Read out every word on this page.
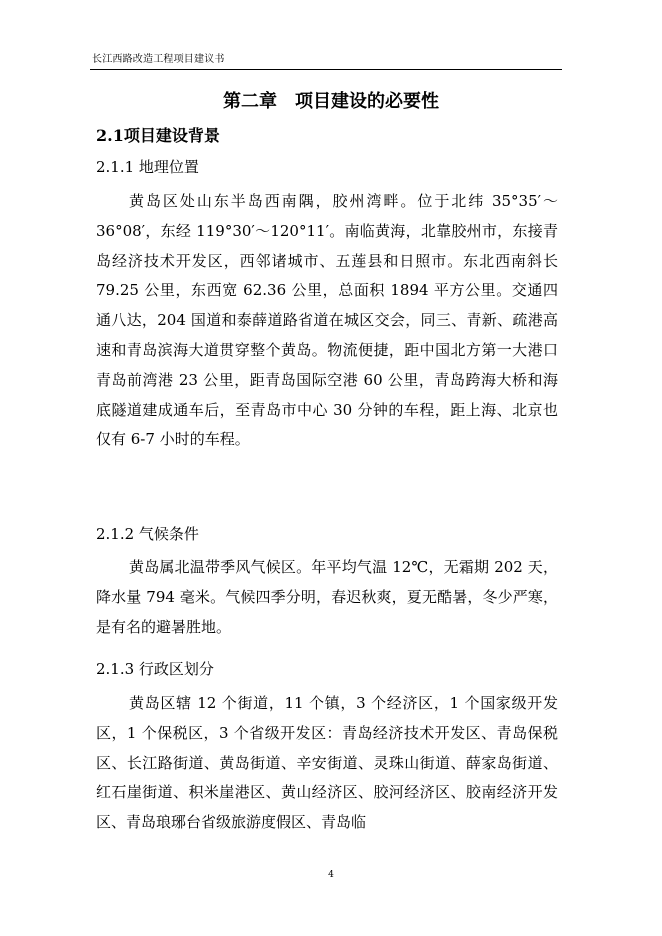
长江西路改造工程项目建议书
第二章　项目建设的必要性
2.1项目建设背景
2.1.1 地理位置

黄岛区处山东半岛西南隅，胶州湾畔。位于北纬 35°35′～36°08′，东经 119°30′～120°11′。南临黄海，北靠胶州市，东接青岛经济技术开发区，西邻诸城市、五莲县和日照市。东北西南斜长 79.25 公里，东西宽 62.36 公里，总面积 1894 平方公里。交通四通八达，204 国道和泰薛道路省道在城区交会，同三、青新、疏港高速和青岛滨海大道贯穿整个黄岛。物流便捷，距中国北方第一大港口青岛前湾港 23 公里，距青岛国际空港 60 公里，青岛跨海大桥和海底隧道建成通车后，至青岛市中心 30 分钟的车程，距上海、北京也仅有 6-7 小时的车程。

2.1.2 气候条件

黄岛属北温带季风气候区。年平均气温 12℃，无霜期 202 天，降水量 794 毫米。气候四季分明，春迟秋爽，夏无酷暑，冬少严寒，是有名的避暑胜地。

2.1.3 行政区划分

黄岛区辖 12 个街道，11 个镇，3 个经济区，1 个国家级开发区，1 个保税区，3 个省级开发区：青岛经济技术开发区、青岛保税区、长江路街道、黄岛街道、辛安街道、灵珠山街道、薛家岛街道、红石崖街道、积米崖港区、黄山经济区、胶河经济区、胶南经济开发区、青岛琅琊台省级旅游度假区、青岛临

4
